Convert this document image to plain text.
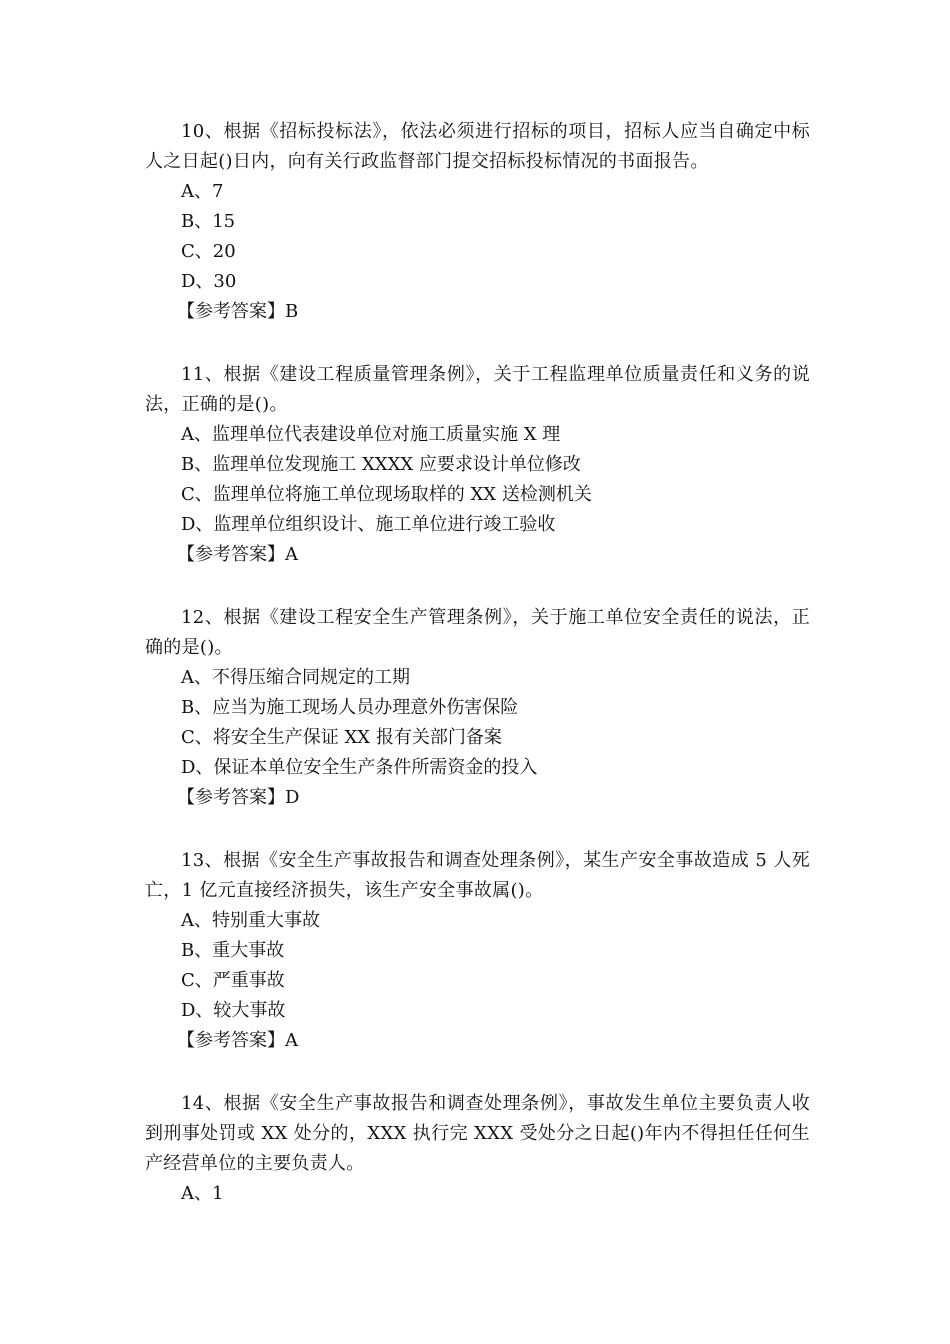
10、根据《招标投标法》，依法必须进行招标的项目，招标人应当自确定中标人之日起()日内，向有关行政监督部门提交招标投标情况的书面报告。

A、7
B、15
C、20
D、30
【参考答案】B

11、根据《建设工程质量管理条例》，关于工程监理单位质量责任和义务的说法，正确的是()。

A、监理单位代表建设单位对施工质量实施 X 理
B、监理单位发现施工 XXXX 应要求设计单位修改
C、监理单位将施工单位现场取样的 XX 送检测机关
D、监理单位组织设计、施工单位进行竣工验收
【参考答案】A

12、根据《建设工程安全生产管理条例》，关于施工单位安全责任的说法，正确的是()。

A、不得压缩合同规定的工期
B、应当为施工现场人员办理意外伤害保险
C、将安全生产保证 XX 报有关部门备案
D、保证本单位安全生产条件所需资金的投入
【参考答案】D

13、根据《安全生产事故报告和调查处理条例》，某生产安全事故造成 5 人死亡，1 亿元直接经济损失，该生产安全事故属()。

A、特别重大事故
B、重大事故
C、严重事故
D、较大事故
【参考答案】A

14、根据《安全生产事故报告和调查处理条例》，事故发生单位主要负责人收到刑事处罚或 XX 处分的，XXX 执行完 XXX 受处分之日起()年内不得担任任何生产经营单位的主要负责人。

A、1
